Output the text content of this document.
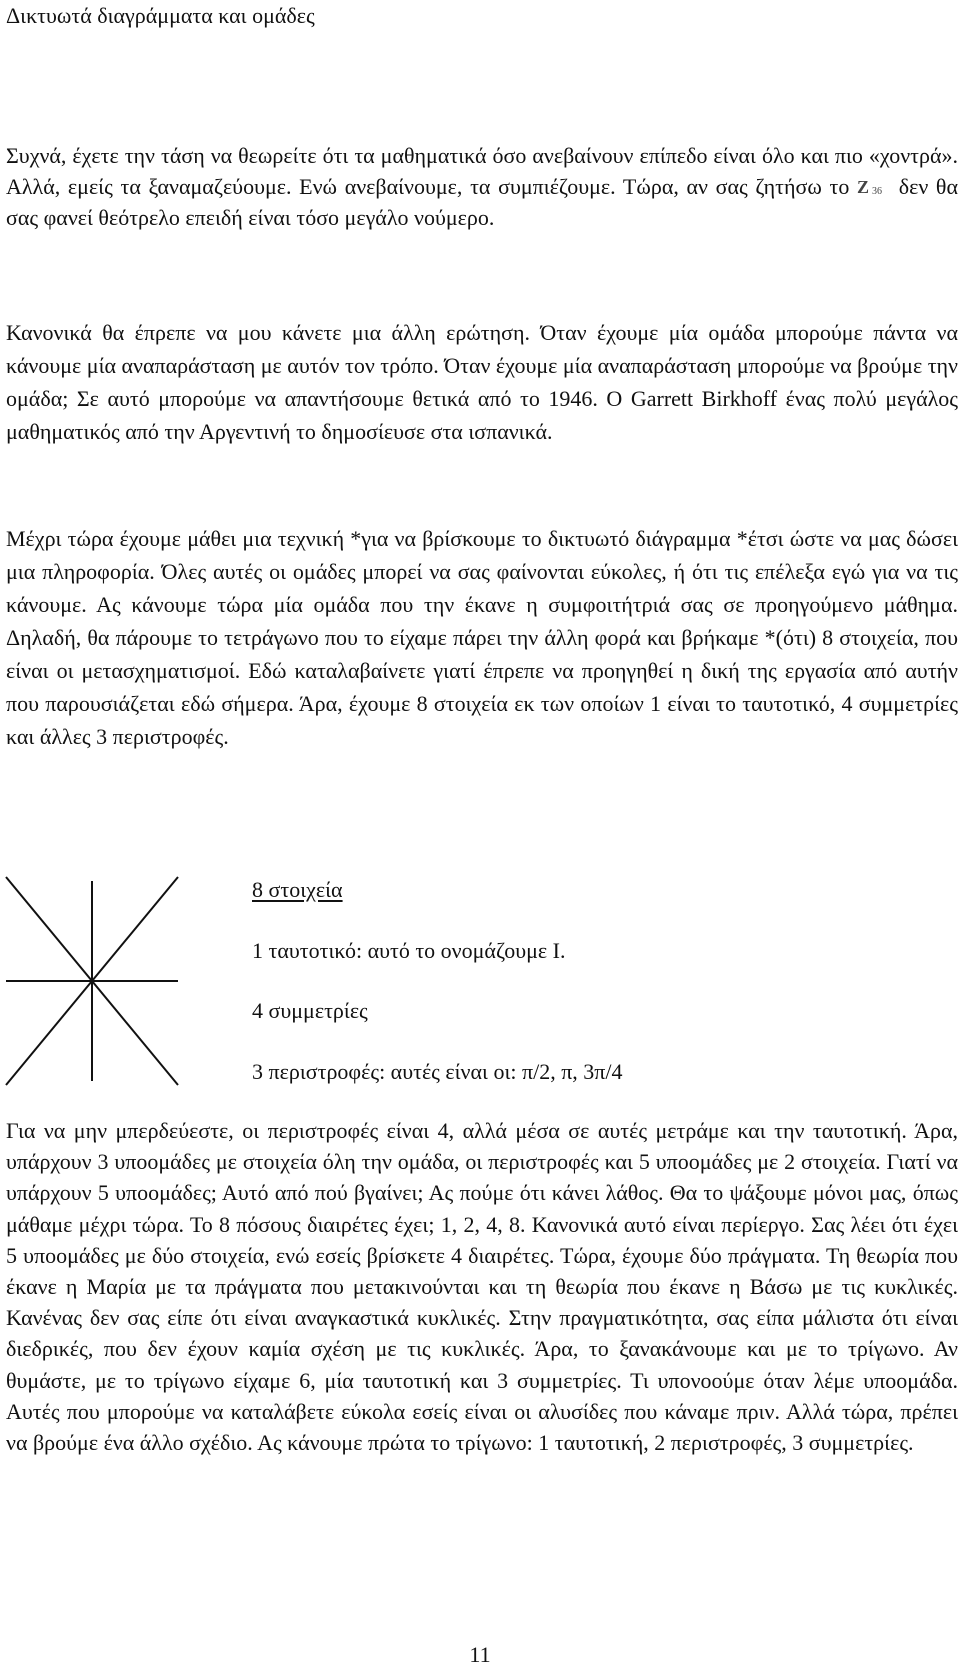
Δικτυωτά διαγράμματα και ομάδες

Συχνά, έχετε την τάση να θεωρείτε ότι τα μαθηματικά όσο ανεβαίνουν επίπεδο είναι όλο και πιο «χοντρά». Αλλά, εμείς τα ξαναμαζεύουμε. Ενώ ανεβαίνουμε, τα συμπιέζουμε. Τώρα, αν σας ζητήσω το Z 36 δεν θα σας φανεί θεότρελο επειδή είναι τόσο μεγάλο νούμερο.

Κανονικά θα έπρεπε να μου κάνετε μια άλλη ερώτηση. Όταν έχουμε μία ομάδα μπορούμε πάντα να κάνουμε μία αναπαράσταση με αυτόν τον τρόπο. Όταν έχουμε μία αναπαράσταση μπορούμε να βρούμε την ομάδα; Σε αυτό μπορούμε να απαντήσουμε θετικά από το 1946. Ο Garrett Birkhoff ένας πολύ μεγάλος μαθηματικός από την Αργεντινή το δημοσίευσε στα ισπανικά.

Μέχρι τώρα έχουμε μάθει μια τεχνική *για να βρίσκουμε το δικτυωτό διάγραμμα *έτσι ώστε να μας δώσει μια πληροφορία. Όλες αυτές οι ομάδες μπορεί να σας φαίνονται εύκολες, ή ότι τις επέλεξα εγώ για να τις κάνουμε. Ας κάνουμε τώρα μία ομάδα που την έκανε η συμφοιτήτριά σας σε προηγούμενο μάθημα. Δηλαδή, θα πάρουμε το τετράγωνο που το είχαμε πάρει την άλλη φορά και βρήκαμε *(ότι) 8 στοιχεία, που είναι οι μετασχηματισμοί. Εδώ καταλαβαίνετε γιατί έπρεπε να προηγηθεί η δική της εργασία από αυτήν που παρουσιάζεται εδώ σήμερα. Άρα, έχουμε 8 στοιχεία εκ των οποίων 1 είναι το ταυτοτικό, 4 συμμετρίες και άλλες 3 περιστροφές.

8 στοιχεία

1 ταυτοτικό: αυτό το ονομάζουμε I.

4 συμμετρίες

3 περιστροφές: αυτές είναι οι: π/2, π, 3π/4

Για να μην μπερδεύεστε, οι περιστροφές είναι 4, αλλά μέσα σε αυτές μετράμε και την ταυτοτική. Άρα, υπάρχουν 3 υποομάδες με στοιχεία όλη την ομάδα, οι περιστροφές και 5 υποομάδες με 2 στοιχεία. Γιατί να υπάρχουν 5 υποομάδες; Αυτό από πού βγαίνει; Ας πούμε ότι κάνει λάθος. Θα το ψάξουμε μόνοι μας, όπως μάθαμε μέχρι τώρα. Το 8 πόσους διαιρέτες έχει; 1, 2, 4, 8. Κανονικά αυτό είναι περίεργο. Σας λέει ότι έχει 5 υποομάδες με δύο στοιχεία, ενώ εσείς βρίσκετε 4 διαιρέτες. Τώρα, έχουμε δύο πράγματα. Τη θεωρία που έκανε η Μαρία με τα πράγματα που μετακινούνται και τη θεωρία που έκανε η Βάσω με τις κυκλικές. Κανένας δεν σας είπε ότι είναι αναγκαστικά κυκλικές. Στην πραγματικότητα, σας είπα μάλιστα ότι είναι διεδρικές, που δεν έχουν καμία σχέση με τις κυκλικές. Άρα, το ξανακάνουμε και με το τρίγωνο. Αν θυμάστε, με το τρίγωνο είχαμε 6, μία ταυτοτική και 3 συμμετρίες. Τι υπονοούμε όταν λέμε υποομάδα. Αυτές που μπορούμε να καταλάβετε εύκολα εσείς είναι οι αλυσίδες που κάναμε πριν. Αλλά τώρα, πρέπει να βρούμε ένα άλλο σχέδιο. Ας κάνουμε πρώτα το τρίγωνο: 1 ταυτοτική, 2 περιστροφές, 3 συμμετρίες.

11
